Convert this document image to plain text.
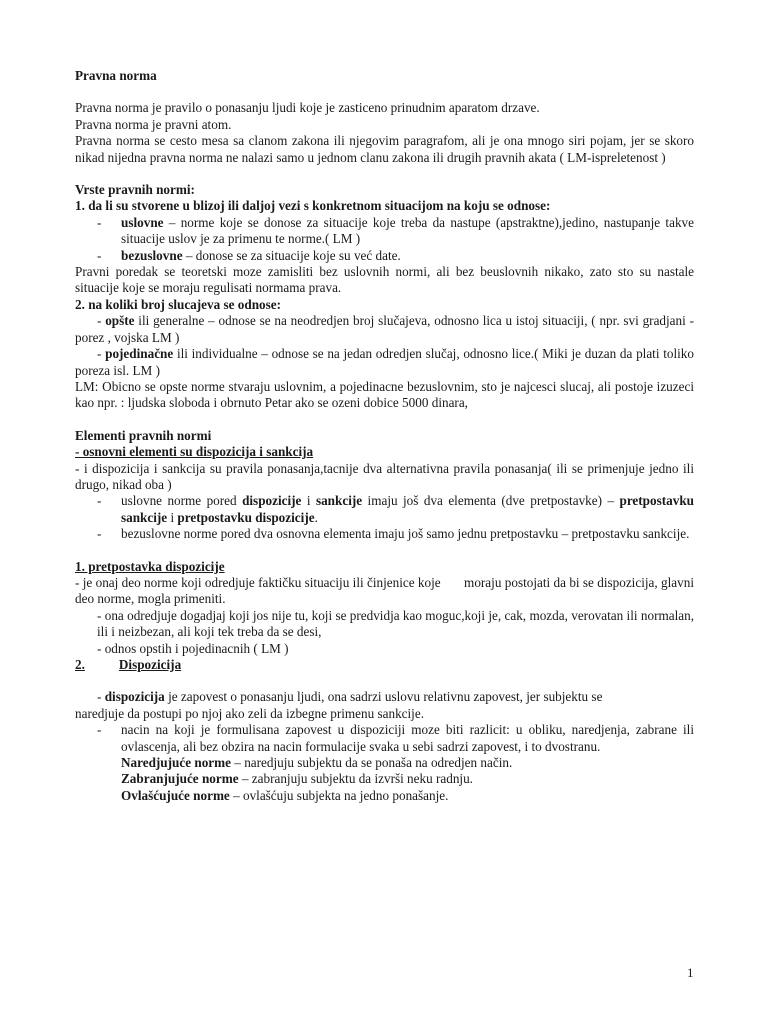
Pravna norma

Pravna norma je pravilo o ponasanju ljudi koje je zasticeno prinudnim aparatom drzave.

Pravna norma je pravni atom.

Pravna norma se cesto mesa sa clanom zakona ili njegovim paragrafom, ali je ona mnogo siri pojam, jer se skoro nikad nijedna pravna norma ne nalazi samo u jednom clanu zakona ili drugih pravnih akata ( LM-ispreletenost )

Vrste pravnih normi:

1. da li su stvorene u blizoj ili daljoj vezi s konkretnom situacijom na koju se odnose:

- uslovne – norme koje se donose za situacije koje treba da nastupe (apstraktne),jedino, nastupanje takve situacije uslov je za primenu te norme.( LM )
- bezuslovne – donose se za situacije koje su već date.

Pravni poredak se teoretski moze zamisliti bez uslovnih normi, ali bez beuslovnih nikako, zato sto su nastale situacije koje se moraju regulisati normama prava.

2. na koliki broj slucajeva se odnose:

- opšte ili generalne – odnose se na neodredjen broj slučajeva, odnosno lica u istoj situaciji, ( npr. svi gradjani - porez , vojska LM )

- pojedinačne ili individualne – odnose se na jedan odredjen slučaj, odnosno lice.( Miki je duzan da plati toliko poreza isl. LM )

LM: Obicno se opste norme stvaraju uslovnim, a pojedinacne bezuslovnim, sto je najcesci slucaj, ali postoje izuzeci kao npr. : ljudska sloboda i obrnuto Petar ako se ozeni dobice 5000 dinara,

Elementi pravnih normi

- osnovni elementi su dispozicija i sankcija

- i dispozicija i sankcija su pravila ponasanja,tacnije dva alternativna pravila ponasanja( ili se primenjuje jedno ili drugo, nikad oba )

- uslovne norme pored dispozicije i sankcije imaju još dva elementa (dve pretpostavke) – pretpostavku sankcije i pretpostavku dispozicije.
- bezuslovne norme pored dva osnovna elementa imaju još samo jednu pretpostavku – pretpostavku sankcije.

1. pretpostavka dispozicije

- je onaj deo norme koji odredjuje faktičku situaciju ili činjenice koje       moraju postojati da bi se dispozicija, glavni deo norme, mogla primeniti.

- ona odredjuje dogadjaj koji jos nije tu, koji se predvidja kao moguc,koji je, cak, mozda, verovatan ili normalan, ili i neizbezan, ali koji tek treba da se desi,

- odnos opstih i pojedinacnih ( LM )

2.	Dispozicija

- dispozicija je zapovest o ponasanju ljudi, ona sadrzi uslovu relativnu zapovest, jer subjektu se

naredjuje da postupi po njoj ako zeli da izbegne primenu sankcije.

- nacin na koji je formulisana zapovest u dispoziciji moze biti razlicit: u obliku, naredjenja, zabrane ili ovlascenja, ali bez obzira na nacin formulacije svaka u sebi sadrzi zapovest, i to dvostranu.

Naredjujuće norme – naredjuju subjektu da se ponaša na odredjen način.

Zabranjujuće norme – zabranjuju subjektu da izvrši neku radnju.

Ovlašćujuće norme – ovlašćuju subjekta na jedno ponašanje.

1
